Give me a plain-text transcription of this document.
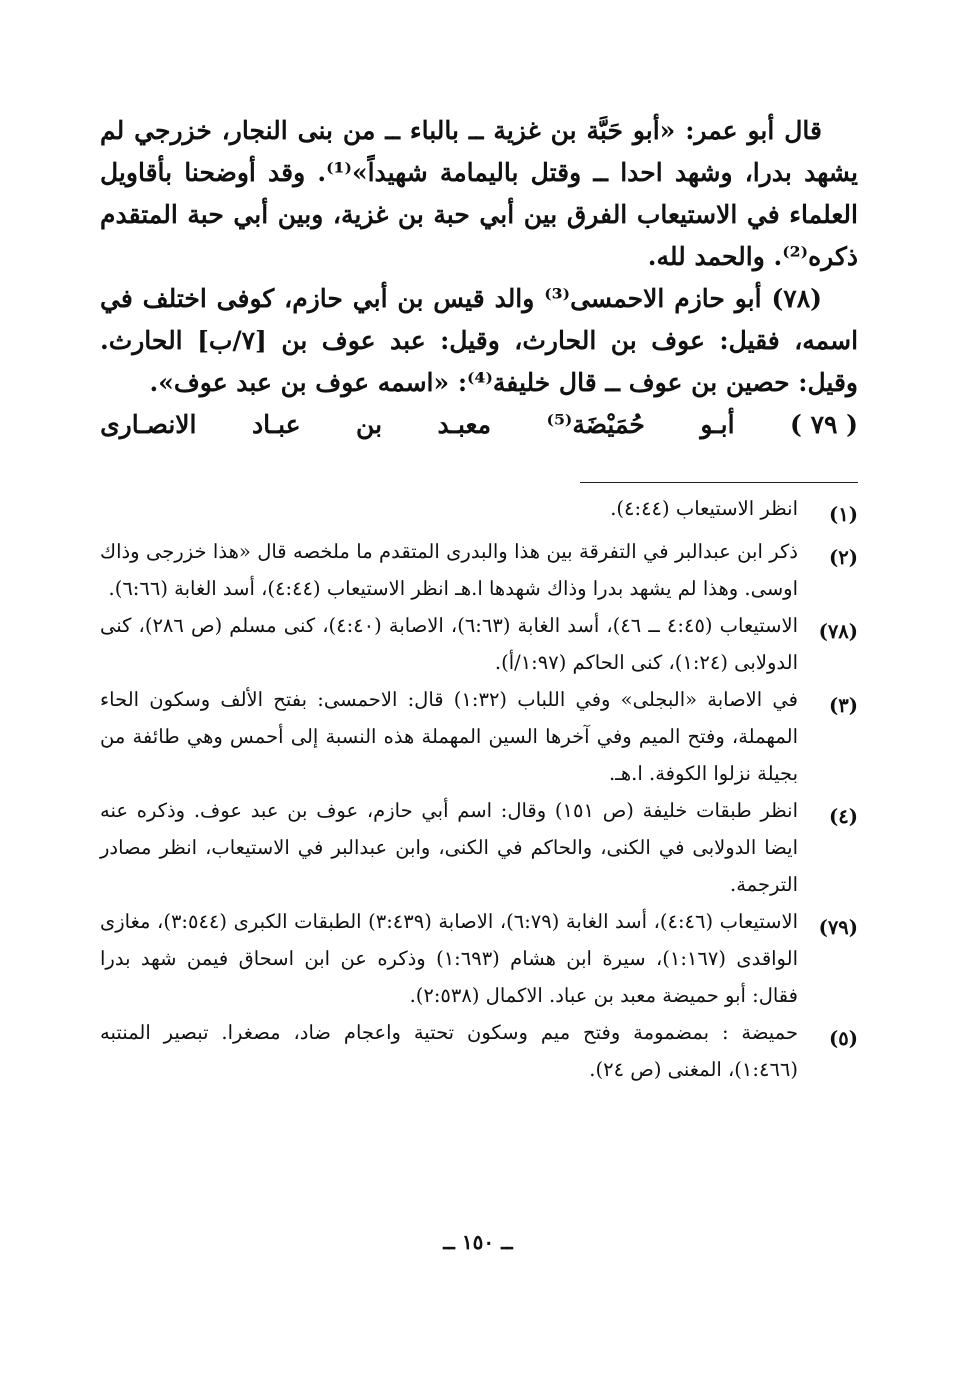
قال أبو عمر: «أبو حَبَّة بن غزية ــ بالباء ــ من بنى النجار، خزرجي لم يشهد بدرا، وشهد احدا ــ وقتل باليمامة شهيداً»⁽¹⁾. وقد أوضحنا بأقاويل العلماء في الاستيعاب الفرق بين أبي حبة بن غزية، وبين أبي حبة المتقدم ذكره⁽²⁾. والحمد لله.

(٧٨) أبو حازم الاحمسى⁽³⁾ والد قيس بن أبي حازم، كوفى اختلف في اسمه، فقيل: عوف بن الحارث، وقيل: عبد عوف بن [٧/ب] الحارث. وقيل: حصين بن عوف ــ قال خليفة⁽⁴⁾: «اسمه عوف بن عبد عوف».

( ٧٩ )
أبـو
حُمَيْضَة⁽⁵⁾
معبـد
بن
عبـاد
الانصـارى
(١)
انظر الاستيعاب (٤:٤٤).
(٢)
ذكر ابن عبدالبر في التفرقة بين هذا والبدرى المتقدم ما ملخصه قال «هذا خزرجى وذاك اوسى. وهذا لم يشهد بدرا وذاك شهدها ا.هـ انظر الاستيعاب (٤:٤٤)، أسد الغابة (٦:٦٦).
(٧٨)
الاستيعاب (٤:٤٥ ــ ٤٦)، أسد الغابة (٦:٦٣)، الاصابة (٤:٤٠)، كنى مسلم (ص ٢٨٦)، كنى الدولابى (١:٢٤)، كنى الحاكم (١:٩٧/أ).
(٣)
في الاصابة «البجلى» وفي اللباب (١:٣٢) قال: الاحمسى: بفتح الألف وسكون الحاء المهملة، وفتح الميم وفي آخرها السين المهملة هذه النسبة إلى أحمس وهي طائفة من بجيلة نزلوا الكوفة. ا.هـ.
(٤)
انظر طبقات خليفة (ص ١٥١) وقال: اسم أبي حازم، عوف بن عبد عوف. وذكره عنه ايضا الدولابى في الكنى، والحاكم في الكنى، وابن عبدالبر في الاستيعاب، انظر مصادر الترجمة.
(٧٩)
الاستيعاب (٤:٤٦)، أسد الغابة (٦:٧٩)، الاصابة (٣:٤٣٩) الطبقات الكبرى (٣:٥٤٤)، مغازى الواقدى (١:١٦٧)، سيرة ابن هشام (١:٦٩٣) وذكره عن ابن اسحاق فيمن شهد بدرا فقال: أبو حميضة معبد بن عباد. الاكمال (٢:٥٣٨).
(٥)
حميضة : بمضمومة وفتح ميم وسكون تحتية واعجام ضاد، مصغرا. تبصير المنتبه (١:٤٦٦)، المغنى (ص ٢٤).
ــ ١٥٠ ــ
